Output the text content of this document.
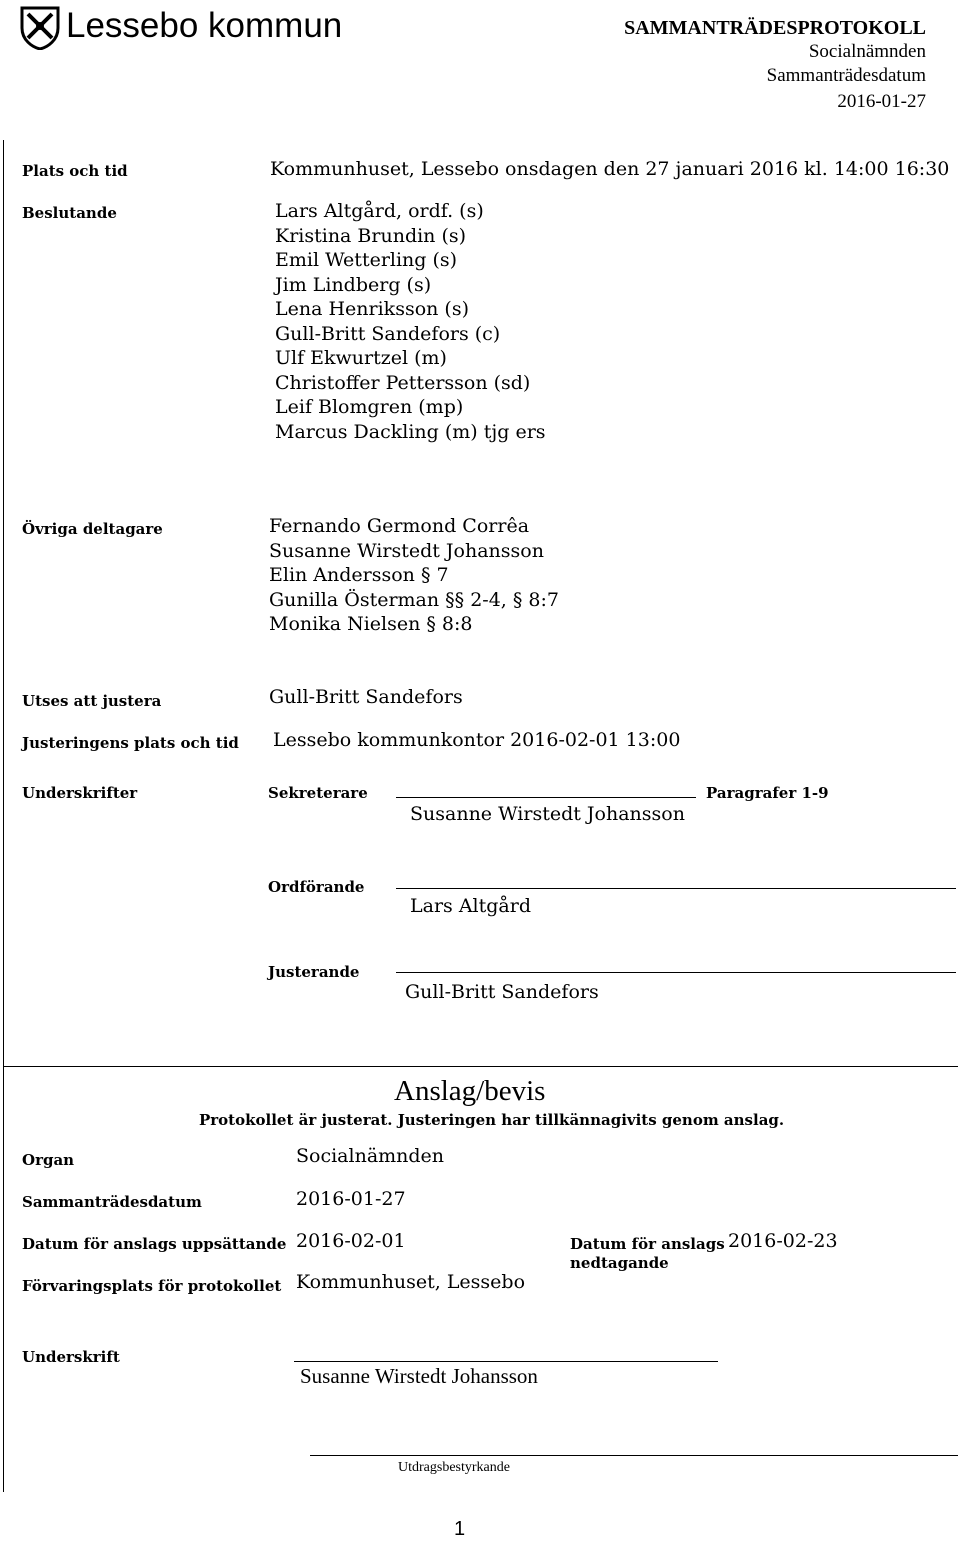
Lessebo kommun	SAMMANTRÄDESPROTOKOLL
Socialnämnden
Sammanträdesdatum
2016-01-27
Plats och tid	Kommunhuset, Lessebo onsdagen den 27 januari 2016 kl. 14:00 16:30
Beslutande	Lars Altgård, ordf. (s)
Kristina Brundin (s)
Emil Wetterling (s)
Jim Lindberg (s)
Lena Henriksson (s)
Gull-Britt Sandefors (c)
Ulf Ekwurtzel (m)
Christoffer Pettersson (sd)
Leif Blomgren (mp)
Marcus Dackling (m) tjg ers
Övriga deltagare	Fernando Germond Corrêa
Susanne Wirstedt Johansson
Elin Andersson § 7
Gunilla Österman §§ 2-4, § 8:7
Monika Nielsen § 8:8
Utses att justera	Gull-Britt Sandefors
Justeringens plats och tid Lessebo kommunkontor 2016-02-01 13:00
Underskrifter	Sekreterare	Paragrafer 1-9
Susanne Wirstedt Johansson
Ordförande
Lars Altgård
Justerande
Gull-Britt Sandefors
Anslag/bevis
Protokollet är justerat. Justeringen har tillkännagivits genom anslag.
Organ	Socialnämnden
Sammanträdesdatum	2016-01-27
Datum för anslags uppsättande 2016-02-01	Datum för anslags
nedtagande
2016-02-23
Förvaringsplats för protokollet Kommunhuset, Lessebo
Underskrift
Susanne Wirstedt Johansson
Utdragsbestyrkande
1
